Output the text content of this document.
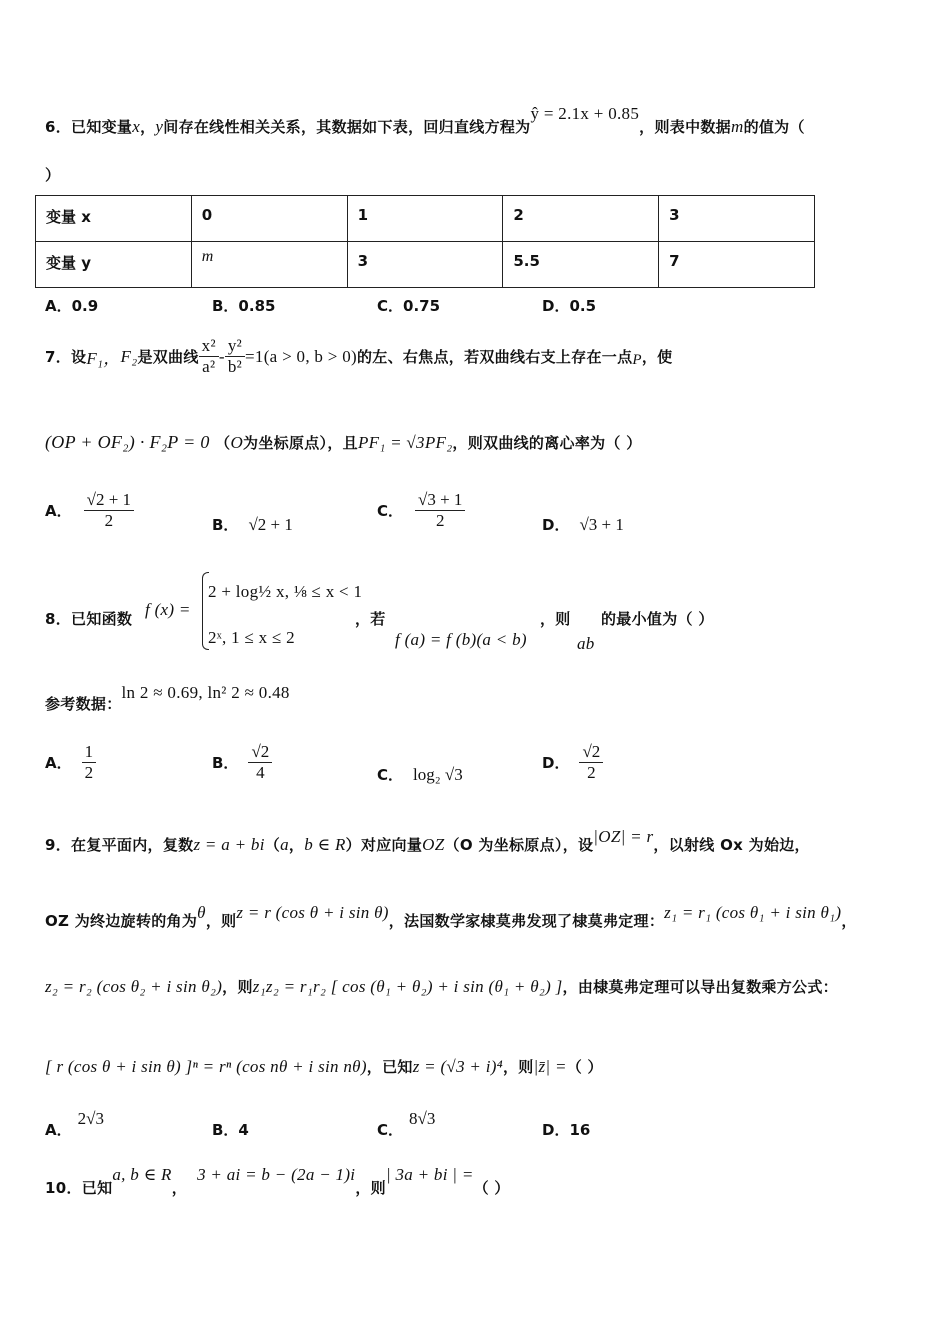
6．已知变量x，y间存在线性相关关系，其数据如下表，回归直线方程为ŷ = 2.1x + 0.85，则表中数据m的值为（
）
变量 x	0	1	2	3
变量 y	m	3	5.5	7
A．0.9	B．0.85	C．0.75	D．0.5
7．设 F₁， F₂ 是双曲线 $\frac{\text{x²}}{\text{a²}} - \frac{\text{y²}}{\text{b²}} =1(a > 0$, b > 0) 的左、右焦点，若双曲线右支上存在一点 P ，使
(OP + OF₂) · F₂P = 0 （O为坐标原点），且PF₁ = √3PF₂，则双曲线的离心率为（ ）
A． $\frac{√2 + 1}{2}$	B． √2 + 1
C． $\frac{√3 + 1}{2}$	D． √3 + 1
8．已知函数 f (x) =
2 + log½ x, ⅛ ≤ x < 1
2ˣ, 1 ≤ x ≤ 2
，若
f (a) = f (b)(a < b)
，则
ab
的最小值为（ ）
参考数据：ln 2 ≈ 0.69, ln² 2 ≈ 0.48
A． $\frac{1}{2}$	B． $\frac{√2}{4}$	C． log₂ √3
D． $\frac{√2}{2}$
9．在复平面内，复数z = a + bi（a，b ∈ R）对应向量OZ（O 为坐标原点），设|OZ| = r，以射线 Ox 为始边，
OZ 为终边旋转的角为θ，则z = r (cos θ + i sin θ)，法国数学家棣莫弗发现了棣莫弗定理：z₁ = r₁ (cos θ₁ + i sin θ₁)，
z₂ = r₂ (cos θ₂ + i sin θ₂)，则z₁z₂ = r₁r₂ [ cos (θ₁ + θ₂) + i sin (θ₁ + θ₂) ]，由棣莫弗定理可以导出复数乘方公式：
[ r (cos θ + i sin θ) ]ⁿ = rⁿ (cos nθ + i sin nθ)，已知z = (√3 + i)⁴，则|z̄| =（ ）
A．2√3
B．4	C．8√3
D．16
10．已知a, b ∈ R，3 + ai = b − (2a − 1)i，则| 3a + bi | =（ ）
